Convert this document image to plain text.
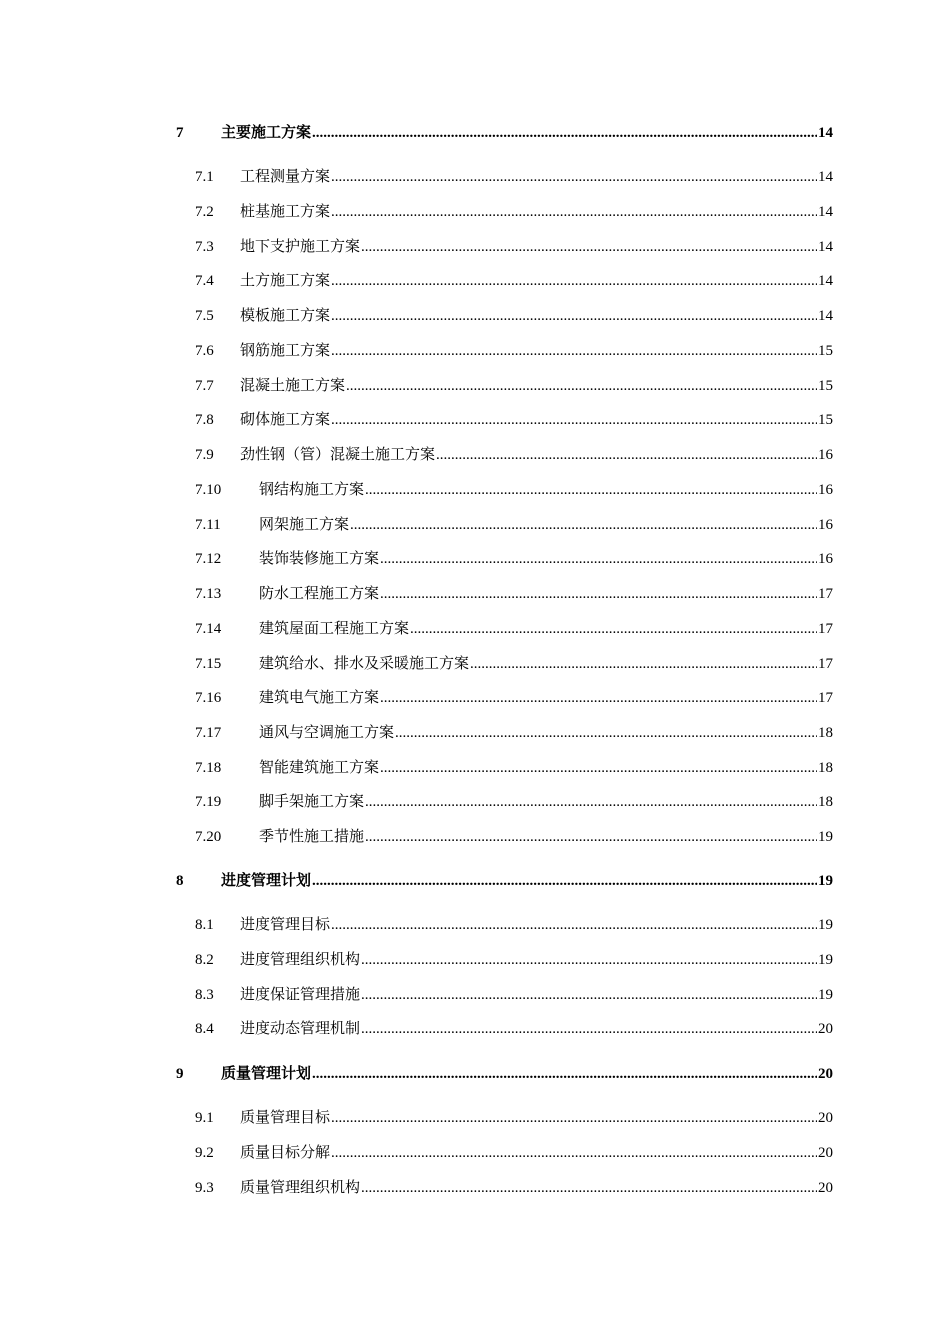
7	主要施工方案 .....	14
7.1	工程测量方案 .....	14
7.2	桩基施工方案 .....	14
7.3	地下支护施工方案 .....	14
7.4	土方施工方案 .....	14
7.5	模板施工方案 .....	14
7.6	钢筋施工方案 .....	15
7.7	混凝土施工方案 .....	15
7.8	砌体施工方案 .....	15
7.9	劲性钢（管）混凝土施工方案 .....	16
7.10	钢结构施工方案 .....	16
7.11	网架施工方案 .....	16
7.12	装饰装修施工方案 .....	16
7.13	防水工程施工方案 .....	17
7.14	建筑屋面工程施工方案 .....	17
7.15	建筑给水、排水及采暖施工方案 .....	17
7.16	建筑电气施工方案 .....	17
7.17	通风与空调施工方案 .....	18
7.18	智能建筑施工方案 .....	18
7.19	脚手架施工方案 .....	18
7.20	季节性施工措施 .....	19
8	进度管理计划 .....	19
8.1	进度管理目标 .....	19
8.2	进度管理组织机构 .....	19
8.3	进度保证管理措施 .....	19
8.4	进度动态管理机制 .....	20
9	质量管理计划 .....	20
9.1	质量管理目标 .....	20
9.2	质量目标分解 .....	20
9.3	质量管理组织机构 .....	20
